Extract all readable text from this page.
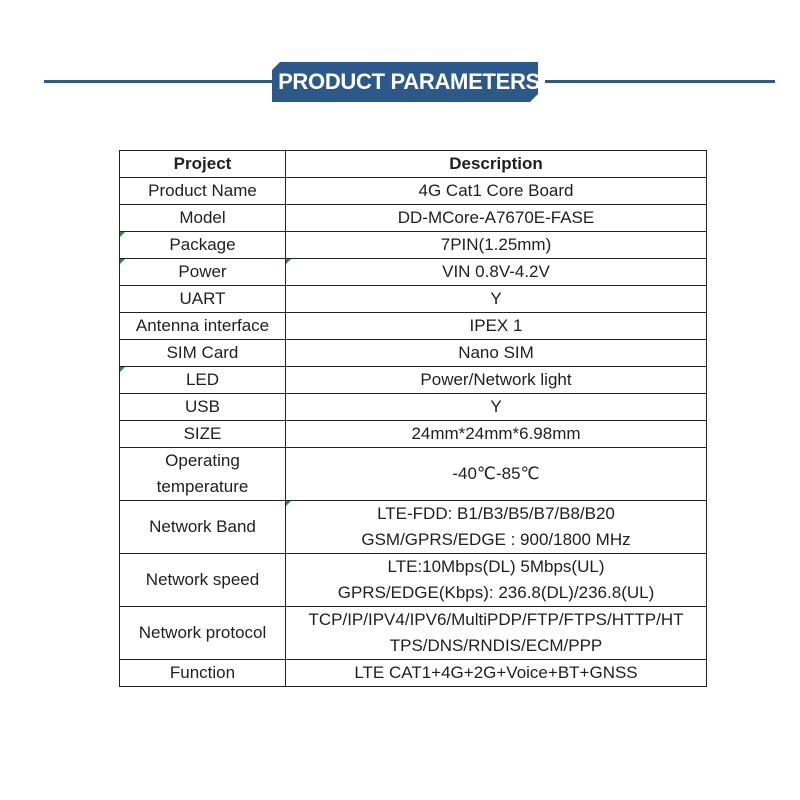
PRODUCT PARAMETERS
Project	Description
Product Name	4G Cat1 Core Board
Model	DD-MCore-A7670E-FASE

Package	7PIN(1.25mm)

Power	VIN 0.8V-4.2V
UART	Y
Antenna interface	IPEX 1
SIM Card	Nano SIM

LED	Power/Network light
USB	Y
SIZE	24mm*24mm*6.98mm

Operating
temperature	-40℃-85℃
Network Band	LTE-FDD: B1/B3/B5/B7/B8/B20
GSM/GPRS/EDGE : 900/1800 MHz

Network speed	LTE:10Mbps(DL) 5Mbps(UL)
GPRS/EDGE(Kbps): 236.8(DL)/236.8(UL)

Network protocol	TCP/IP/IPV4/IPV6/MultiPDP/FTP/FTPS/HTTP/HT
TPS/DNS/RNDIS/ECM/PPP

Function	LTE CAT1+4G+2G+Voice+BT+GNSS
